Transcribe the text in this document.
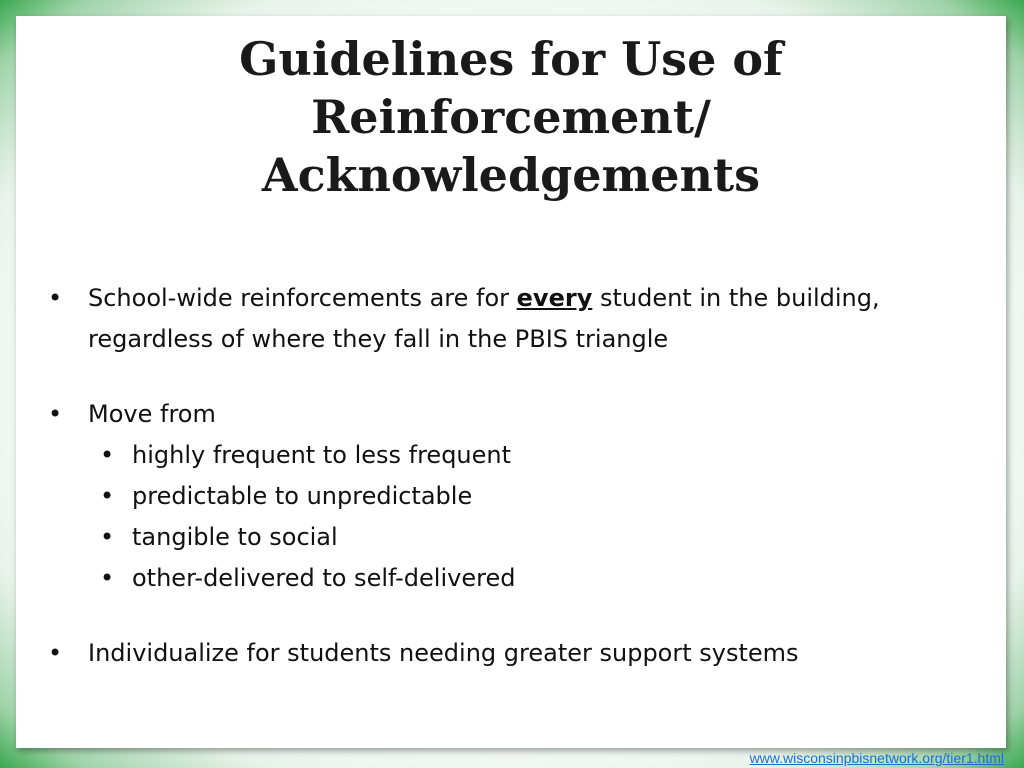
Guidelines for Use of
Reinforcement/
Acknowledgements
• School-wide reinforcements are for every student in the building, regardless of where they fall in the PBIS triangle
• Move from
• highly frequent to less frequent
• predictable to unpredictable
• tangible to social
• other-delivered to self-delivered
• Individualize for students needing greater support systems
www.wisconsinpbisnetwork.org/tier1.html
